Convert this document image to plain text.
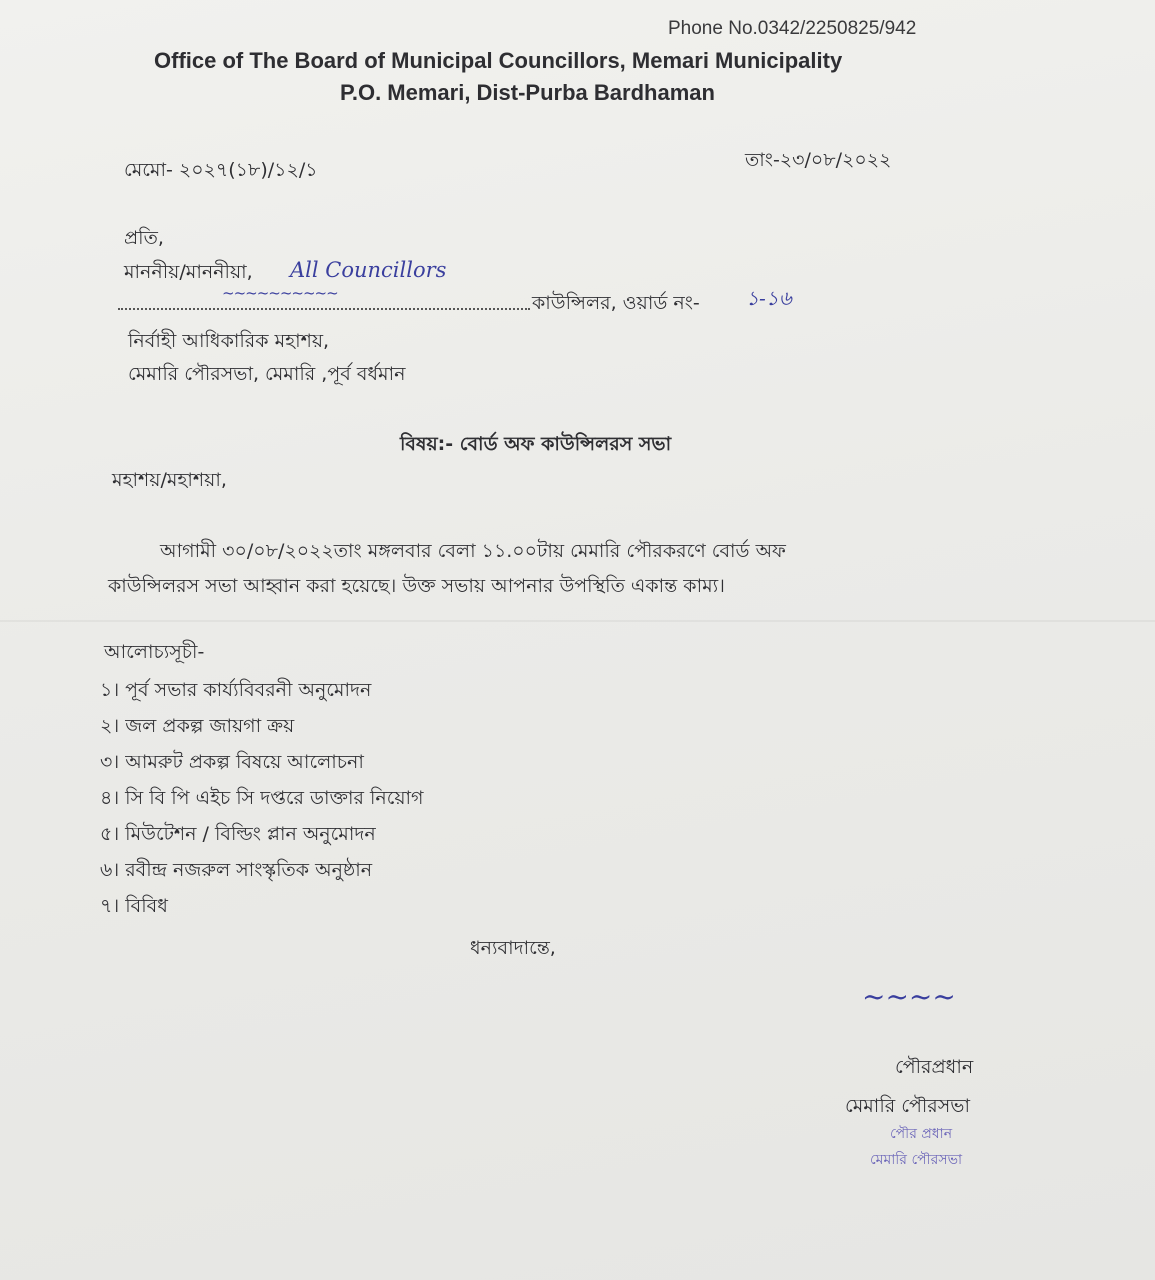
Phone No.0342/2250825/942
Office of The Board of Municipal Councillors, Memari Municipality
P.O. Memari, Dist-Purba Bardhaman
মেমো- ২০২৭(১৮)/১২/১	তাং-২৩/০৮/২০২২
প্রতি,
মাননীয়/মাননীয়া, All Councillors
~~~~~~~~~~	কাউন্সিলর, ওয়ার্ড নং- ১-১৬
নির্বাহী আধিকারিক মহাশয়,
মেমারি পৌরসভা, মেমারি ,পূর্ব বর্ধমান
বিষয়:- বোর্ড অফ কাউন্সিলরস সভা
মহাশয়/মহাশয়া,
আগামী ৩০/০৮/২০২২তাং মঙ্গলবার বেলা ১১.০০টায় মেমারি পৌরকরণে বোর্ড অফ
কাউন্সিলরস সভা আহ্বান করা হয়েছে। উক্ত সভায় আপনার উপস্থিতি একান্ত কাম্য।
আলোচ্যসূচী-
১। পূর্ব সভার কার্য্যবিবরনী অনুমোদন
২। জল প্রকল্প জায়গা ক্রয়
৩। আমরুট প্রকল্প বিষয়ে আলোচনা
৪। সি বি পি এইচ সি দপ্তরে ডাক্তার নিয়োগ
৫। মিউটেশন / বিল্ডিং প্লান অনুমোদন
৬। রবীন্দ্র নজরুল সাংস্কৃতিক অনুষ্ঠান
৭। বিবিধ
ধন্যবাদান্তে,
~~~~
পৌরপ্রধান
মেমারি পৌরসভা
পৌর প্রধান
মেমারি পৌরসভা
